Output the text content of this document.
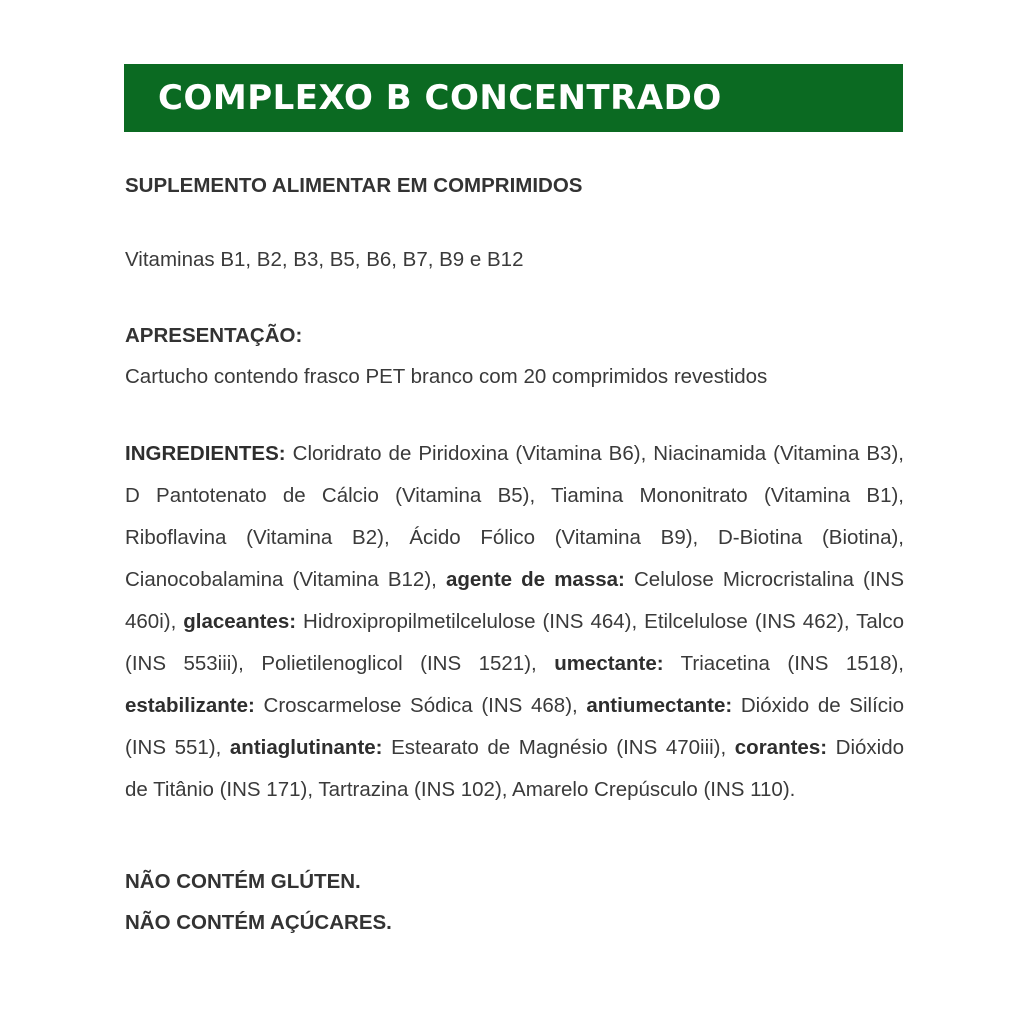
COMPLEXO B CONCENTRADO

SUPLEMENTO ALIMENTAR EM COMPRIMIDOS

Vitaminas B1, B2, B3, B5, B6, B7, B9 e B12

APRESENTAÇÃO:

Cartucho contendo frasco PET branco com 20 comprimidos revestidos

INGREDIENTES: Cloridrato de Piridoxina (Vitamina B6), Niacinamida (Vitamina B3), D Pantotenato de Cálcio (Vitamina B5), Tiamina Mononitrato (Vitamina B1), Riboflavina (Vitamina B2), Ácido Fólico (Vitamina B9), D-Biotina (Biotina), Cianocobalamina (Vitamina B12), agente de massa: Celulose Microcristalina (INS 460i), glaceantes: Hidroxipropilmetilcelulose (INS 464), Etilcelulose (INS 462), Talco (INS 553iii), Polietilenoglicol (INS 1521), umectante: Triacetina (INS 1518), estabilizante: Croscarmelose Sódica (INS 468), antiumectante: Dióxido de Silício (INS 551), antiaglutinante: Estearato de Magnésio (INS 470iii), corantes: Dióxido de Titânio (INS 171), Tartrazina (INS 102), Amarelo Crepúsculo (INS 110).

NÃO CONTÉM GLÚTEN.

NÃO CONTÉM AÇÚCARES.
